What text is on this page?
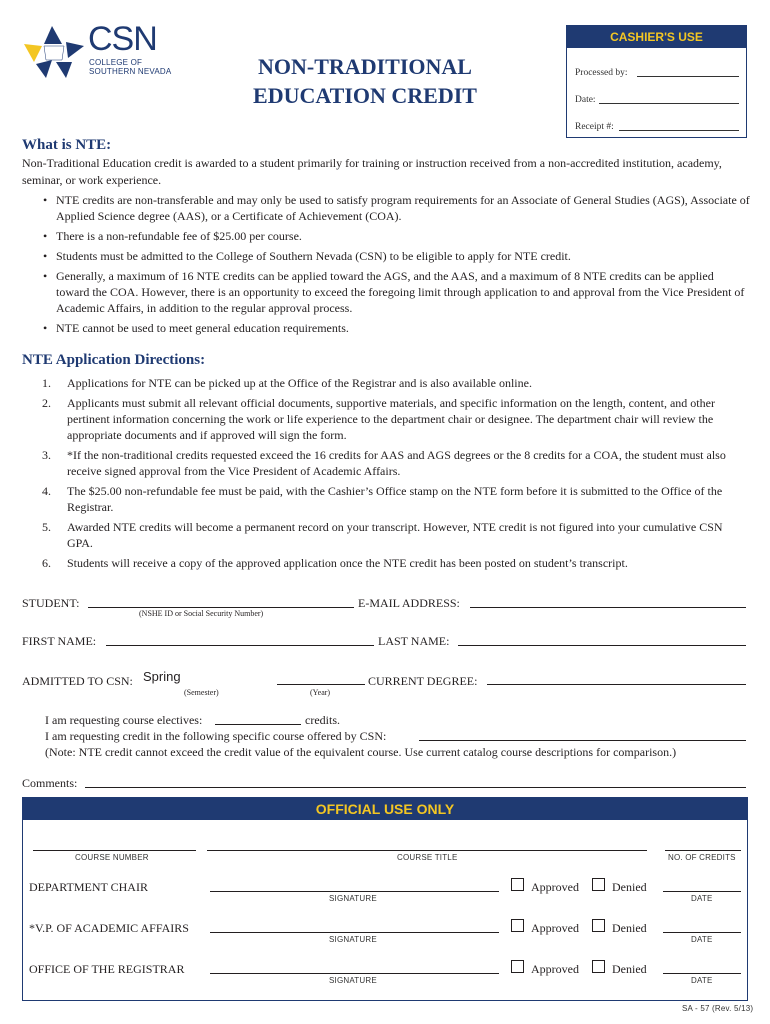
CSN
COLLEGE OF
SOUTHERN NEVADA	NON-TRADITIONAL
EDUCATION CREDIT
CASHIER'S USE
Processed by:
Date:
Receipt #:
What is NTE:
Non-Traditional Education credit is awarded to a student primarily for training or instruction received from a non-accredited institution, academy, seminar, or work experience.
• NTE credits are non-transferable and may only be used to satisfy program requirements for an Associate of General Studies (AGS), Associate of Applied Science degree (AAS), or a Certificate of Achievement (COA).
• There is a non-refundable fee of $25.00 per course.
• Students must be admitted to the College of Southern Nevada (CSN) to be eligible to apply for NTE credit.
• Generally, a maximum of 16 NTE credits can be applied toward the AGS, and the AAS, and a maximum of 8 NTE credits can be applied toward the COA. However, there is an opportunity to exceed the foregoing limit through application to and approval from the Vice President of Academic Affairs, in addition to the regular approval process.
• NTE cannot be used to meet general education requirements.
NTE Application Directions:
1. Applications for NTE can be picked up at the Office of the Registrar and is also available online.
2. Applicants must submit all relevant official documents, supportive materials, and specific information on the length, content, and other pertinent information concerning the work or life experience to the department chair or designee. The department chair will review the appropriate documents and if approved will sign the form.
3. *If the non-traditional credits requested exceed the 16 credits for AAS and AGS degrees or the 8 credits for a COA, the student must also receive signed approval from the Vice President of Academic Affairs.
4. The $25.00 non-refundable fee must be paid, with the Cashier’s Office stamp on the NTE form before it is submitted to the Office of the Registrar.
5. Awarded NTE credits will become a permanent record on your transcript. However, NTE credit is not figured into your cumulative CSN GPA.
6. Students will receive a copy of the approved application once the NTE credit has been posted on student’s transcript.
STUDENT:
(NSHE ID or Social Security Number)
E-MAIL ADDRESS:
FIRST NAME:	LAST NAME:
ADMITTED TO CSN: Spring
(Semester)	(Year)
CURRENT DEGREE:
I am requesting course electives:	credits.
I am requesting credit in the following specific course offered by CSN:
(Note: NTE credit cannot exceed the credit value of the equivalent course. Use current catalog course descriptions for comparison.)
Comments:
OFFICIAL USE ONLY
COURSE NUMBER	COURSE TITLE	NO. OF CREDITS
DEPARTMENT CHAIR
SIGNATURE
Approved	Denied
DATE
*V.P. OF ACADEMIC AFFAIRS
SIGNATURE
Approved	Denied
DATE
OFFICE OF THE REGISTRAR
SIGNATURE
Approved	Denied
DATE
SA - 57 (Rev. 5/13)
